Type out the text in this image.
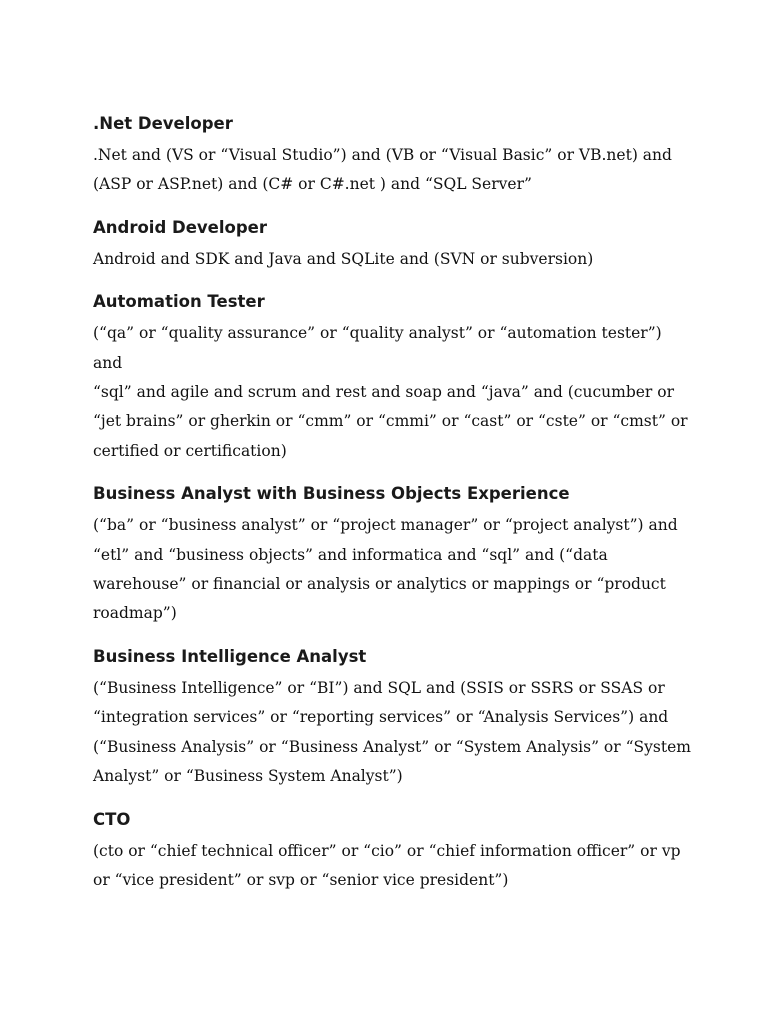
.Net Developer
.Net and (VS or “Visual Studio”) and (VB or “Visual Basic” or VB.net) and
(ASP or ASP.net) and (C# or C#.net ) and “SQL Server”
Android Developer
Android and SDK and Java and SQLite and (SVN or subversion)
Automation Tester
(“qa” or “quality assurance” or “quality analyst” or “automation tester”) and
“sql” and agile and scrum and rest and soap and “java” and (cucumber or
“jet brains” or gherkin or “cmm” or “cmmi” or “cast” or “cste” or “cmst” or
certified or certification)
Business Analyst with Business Objects Experience
(“ba” or “business analyst” or “project manager” or “project analyst”) and
“etl” and “business objects” and informatica and “sql” and (“data
warehouse” or financial or analysis or analytics or mappings or “product
roadmap”)
Business Intelligence Analyst
(“Business Intelligence” or “BI”) and SQL and (SSIS or SSRS or SSAS or
“integration services” or “reporting services” or “Analysis Services”) and
(“Business Analysis” or “Business Analyst” or “System Analysis” or “System
Analyst” or “Business System Analyst”)
CTO
(cto or “chief technical officer” or “cio” or “chief information officer” or vp
or “vice president” or svp or “senior vice president”)
